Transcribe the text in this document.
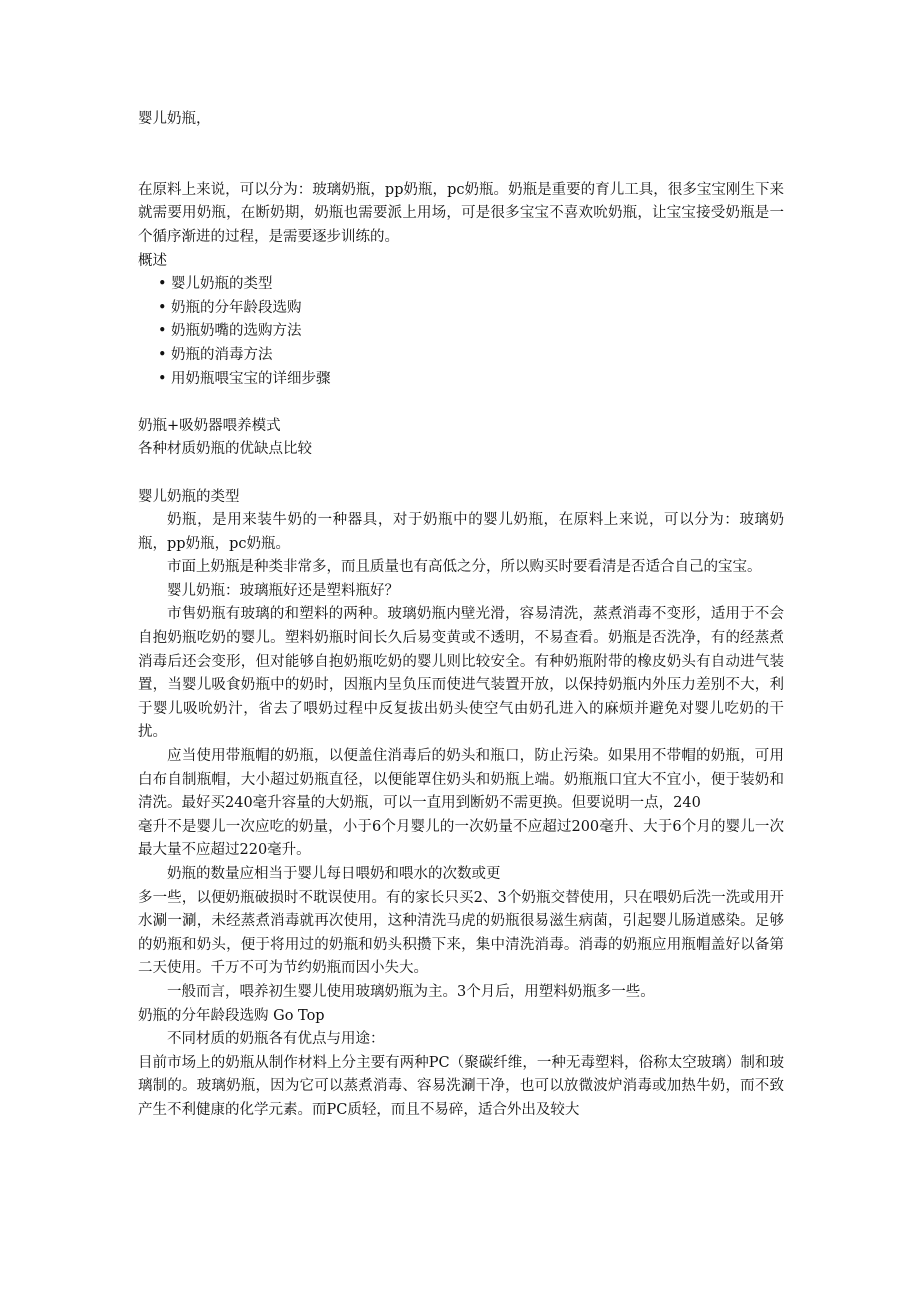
婴儿奶瓶，

在原料上来说，可以分为：玻璃奶瓶，pp奶瓶，pc奶瓶。奶瓶是重要的育儿工具，很多宝宝刚生下来就需要用奶瓶，在断奶期，奶瓶也需要派上用场，可是很多宝宝不喜欢吮奶瓶，让宝宝接受奶瓶是一个循序渐进的过程，是需要逐步训练的。

概述

• 婴儿奶瓶的类型
• 奶瓶的分年龄段选购
• 奶瓶奶嘴的选购方法
• 奶瓶的消毒方法
• 用奶瓶喂宝宝的详细步骤

奶瓶+吸奶器喂养模式

各种材质奶瓶的优缺点比较

婴儿奶瓶的类型

奶瓶，是用来装牛奶的一种器具，对于奶瓶中的婴儿奶瓶，在原料上来说，可以分为：玻璃奶瓶，pp奶瓶，pc奶瓶。

市面上奶瓶是种类非常多，而且质量也有高低之分，所以购买时要看清是否适合自己的宝宝。

婴儿奶瓶：玻璃瓶好还是塑料瓶好？

市售奶瓶有玻璃的和塑料的两种。玻璃奶瓶内壁光滑，容易清洗，蒸煮消毒不变形，适用于不会自抱奶瓶吃奶的婴儿。塑料奶瓶时间长久后易变黄或不透明，不易查看。奶瓶是否洗净，有的经蒸煮消毒后还会变形，但对能够自抱奶瓶吃奶的婴儿则比较安全。有种奶瓶附带的橡皮奶头有自动进气装置，当婴儿吸食奶瓶中的奶时，因瓶内呈负压而使进气装置开放，以保持奶瓶内外压力差别不大，利于婴儿吸吮奶汁，省去了喂奶过程中反复拔出奶头使空气由奶孔进入的麻烦并避免对婴儿吃奶的干扰。

应当使用带瓶帽的奶瓶，以便盖住消毒后的奶头和瓶口，防止污染。如果用不带帽的奶瓶，可用白布自制瓶帽，大小超过奶瓶直径，以便能罩住奶头和奶瓶上端。奶瓶瓶口宜大不宜小，便于装奶和清洗。最好买240毫升容量的大奶瓶，可以一直用到断奶不需更换。但要说明一点，240

毫升不是婴儿一次应吃的奶量，小于6个月婴儿的一次奶量不应超过200毫升、大于6个月的婴儿一次最大量不应超过220毫升。

奶瓶的数量应相当于婴儿每日喂奶和喂水的次数或更

多一些，以便奶瓶破损时不耽误使用。有的家长只买2、3个奶瓶交替使用，只在喂奶后洗一洗或用开水涮一涮，未经蒸煮消毒就再次使用，这种清洗马虎的奶瓶很易滋生病菌，引起婴儿肠道感染。足够的奶瓶和奶头，便于将用过的奶瓶和奶头积攒下来，集中清洗消毒。消毒的奶瓶应用瓶帽盖好以备第二天使用。千万不可为节约奶瓶而因小失大。

一般而言，喂养初生婴儿使用玻璃奶瓶为主。3个月后，用塑料奶瓶多一些。

奶瓶的分年龄段选购 Go Top

不同材质的奶瓶各有优点与用途：

目前市场上的奶瓶从制作材料上分主要有两种PC（聚碳纤维，一种无毒塑料，俗称太空玻璃）制和玻璃制的。玻璃奶瓶，因为它可以蒸煮消毒、容易洗涮干净，也可以放微波炉消毒或加热牛奶，而不致产生不利健康的化学元素。而PC质轻，而且不易碎，适合外出及较大
